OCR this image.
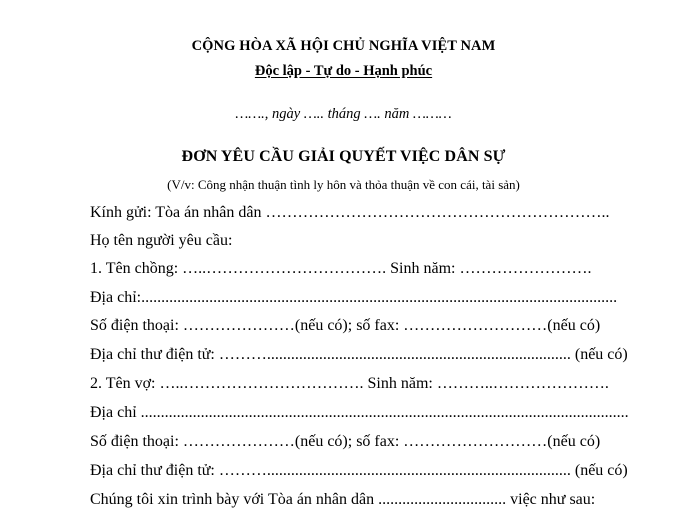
CỘNG HÒA XÃ HỘI CHỦ NGHĨA VIỆT NAM

Độc lập - Tự do - Hạnh phúc

……., ngày ….. tháng …. năm ………

ĐƠN YÊU CẦU GIẢI QUYẾT VIỆC DÂN SỰ

(V/v: Công nhận thuận tình ly hôn và thỏa thuận về con cái, tài sản)

Kính gửi: Tòa án nhân dân ………………………………………………………..

Họ tên người yêu cầu:

1. Tên chồng: …..……………………………. Sinh năm: …………………….

Địa chỉ:.......................................................................................................................

Số điện thoại: …………………(nếu có); số fax: ………………………(nếu có)

Địa chỉ thư điện tử: ………............................................................................ (nếu có)

2. Tên vợ: …..……………………………. Sinh năm: ………..………………….

Địa chỉ ..........................................................................................................................

Số điện thoại: …………………(nếu có); số fax: ………………………(nếu có)

Địa chỉ thư điện tử: ………............................................................................ (nếu có)

Chúng tôi xin trình bày với Tòa án nhân dân ................................ việc như sau:
